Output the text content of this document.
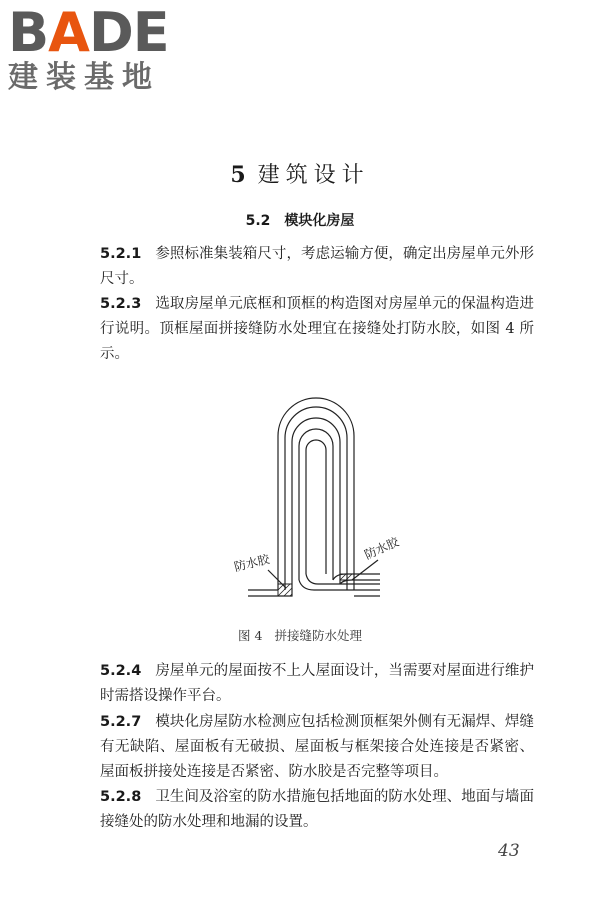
B A DE
建装基地
5 建筑设计
5.2 模块化房屋
5.2.1 参照标准集装箱尺寸，考虑运输方便，确定出房屋单元外形尺寸。
5.2.3 选取房屋单元底框和顶框的构造图对房屋单元的保温构造进行说明。顶框屋面拼接缝防水处理宜在接缝处打防水胶，如图 4 所示。
防水胶
防水胶
图 4 拼接缝防水处理
5.2.4 房屋单元的屋面按不上人屋面设计，当需要对屋面进行维护时需搭设操作平台。
5.2.7 模块化房屋防水检测应包括检测顶框架外侧有无漏焊、焊缝有无缺陷、屋面板有无破损、屋面板与框架接合处连接是否紧密、屋面板拼接处连接是否紧密、防水胶是否完整等项目。
5.2.8 卫生间及浴室的防水措施包括地面的防水处理、地面与墙面接缝处的防水处理和地漏的设置。
43
